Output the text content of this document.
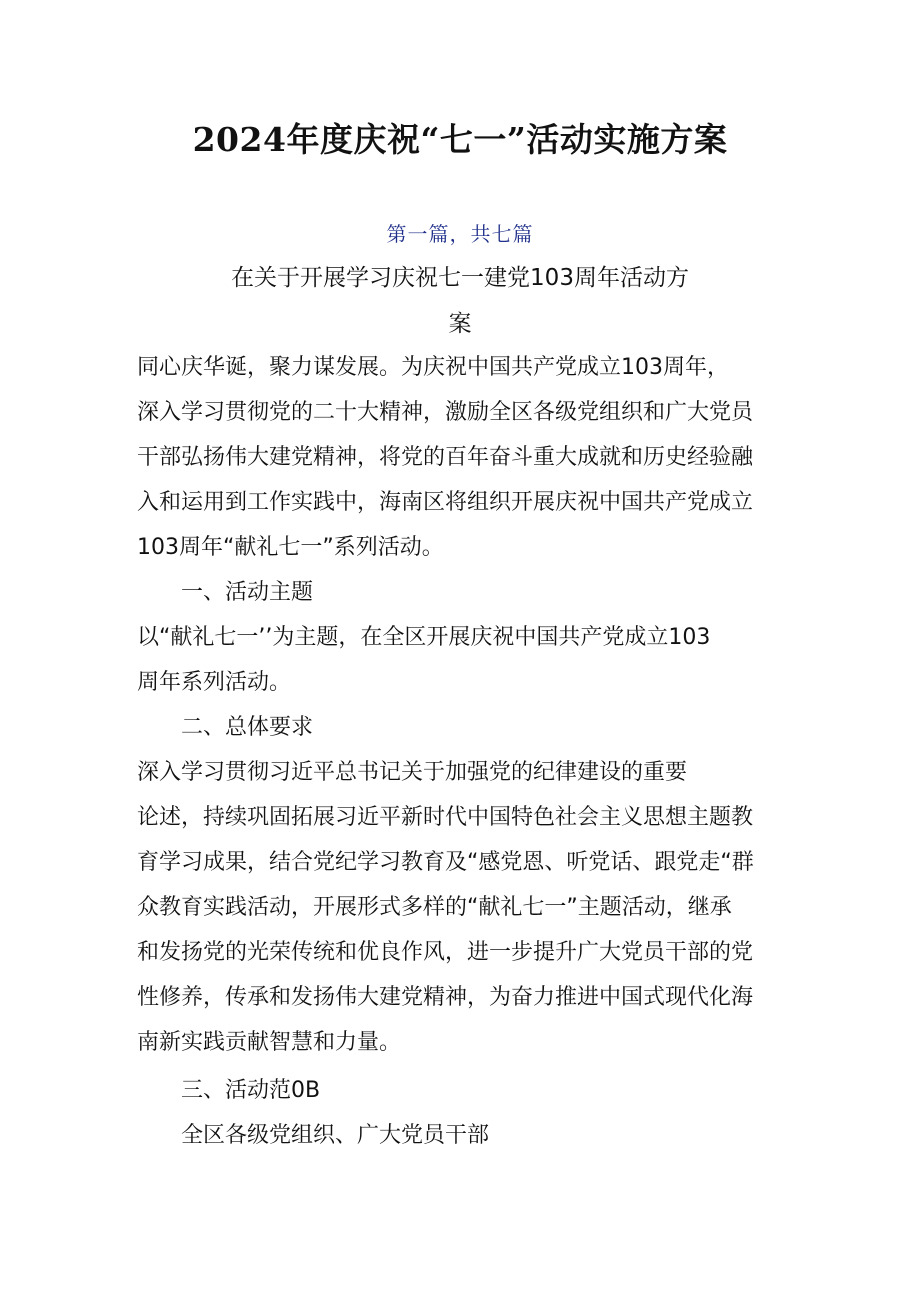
2024年度庆祝“七一”活动实施方案
第一篇，共七篇
在关于开展学习庆祝七一建党103周年活动方
案
同心庆华诞，聚力谋发展。为庆祝中国共产党成立103周年，
深入学习贯彻党的二十大精神，激励全区各级党组织和广大党员
干部弘扬伟大建党精神，将党的百年奋斗重大成就和历史经验融
入和运用到工作实践中，海南区将组织开展庆祝中国共产党成立
103周年“献礼七一”系列活动。
一、活动主题
以“献礼七一’’为主题，在全区开展庆祝中国共产党成立103
周年系列活动。
二、总体要求
深入学习贯彻习近平总书记关于加强党的纪律建设的重要
论述，持续巩固拓展习近平新时代中国特色社会主义思想主题教
育学习成果，结合党纪学习教育及“感党恩、听党话、跟党走“群
众教育实践活动，开展形式多样的“献礼七一”主题活动，继承
和发扬党的光荣传统和优良作风，进一步提升广大党员干部的党
性修养，传承和发扬伟大建党精神，为奋力推进中国式现代化海
南新实践贡献智慧和力量。
三、活动范0B
全区各级党组织、广大党员干部
